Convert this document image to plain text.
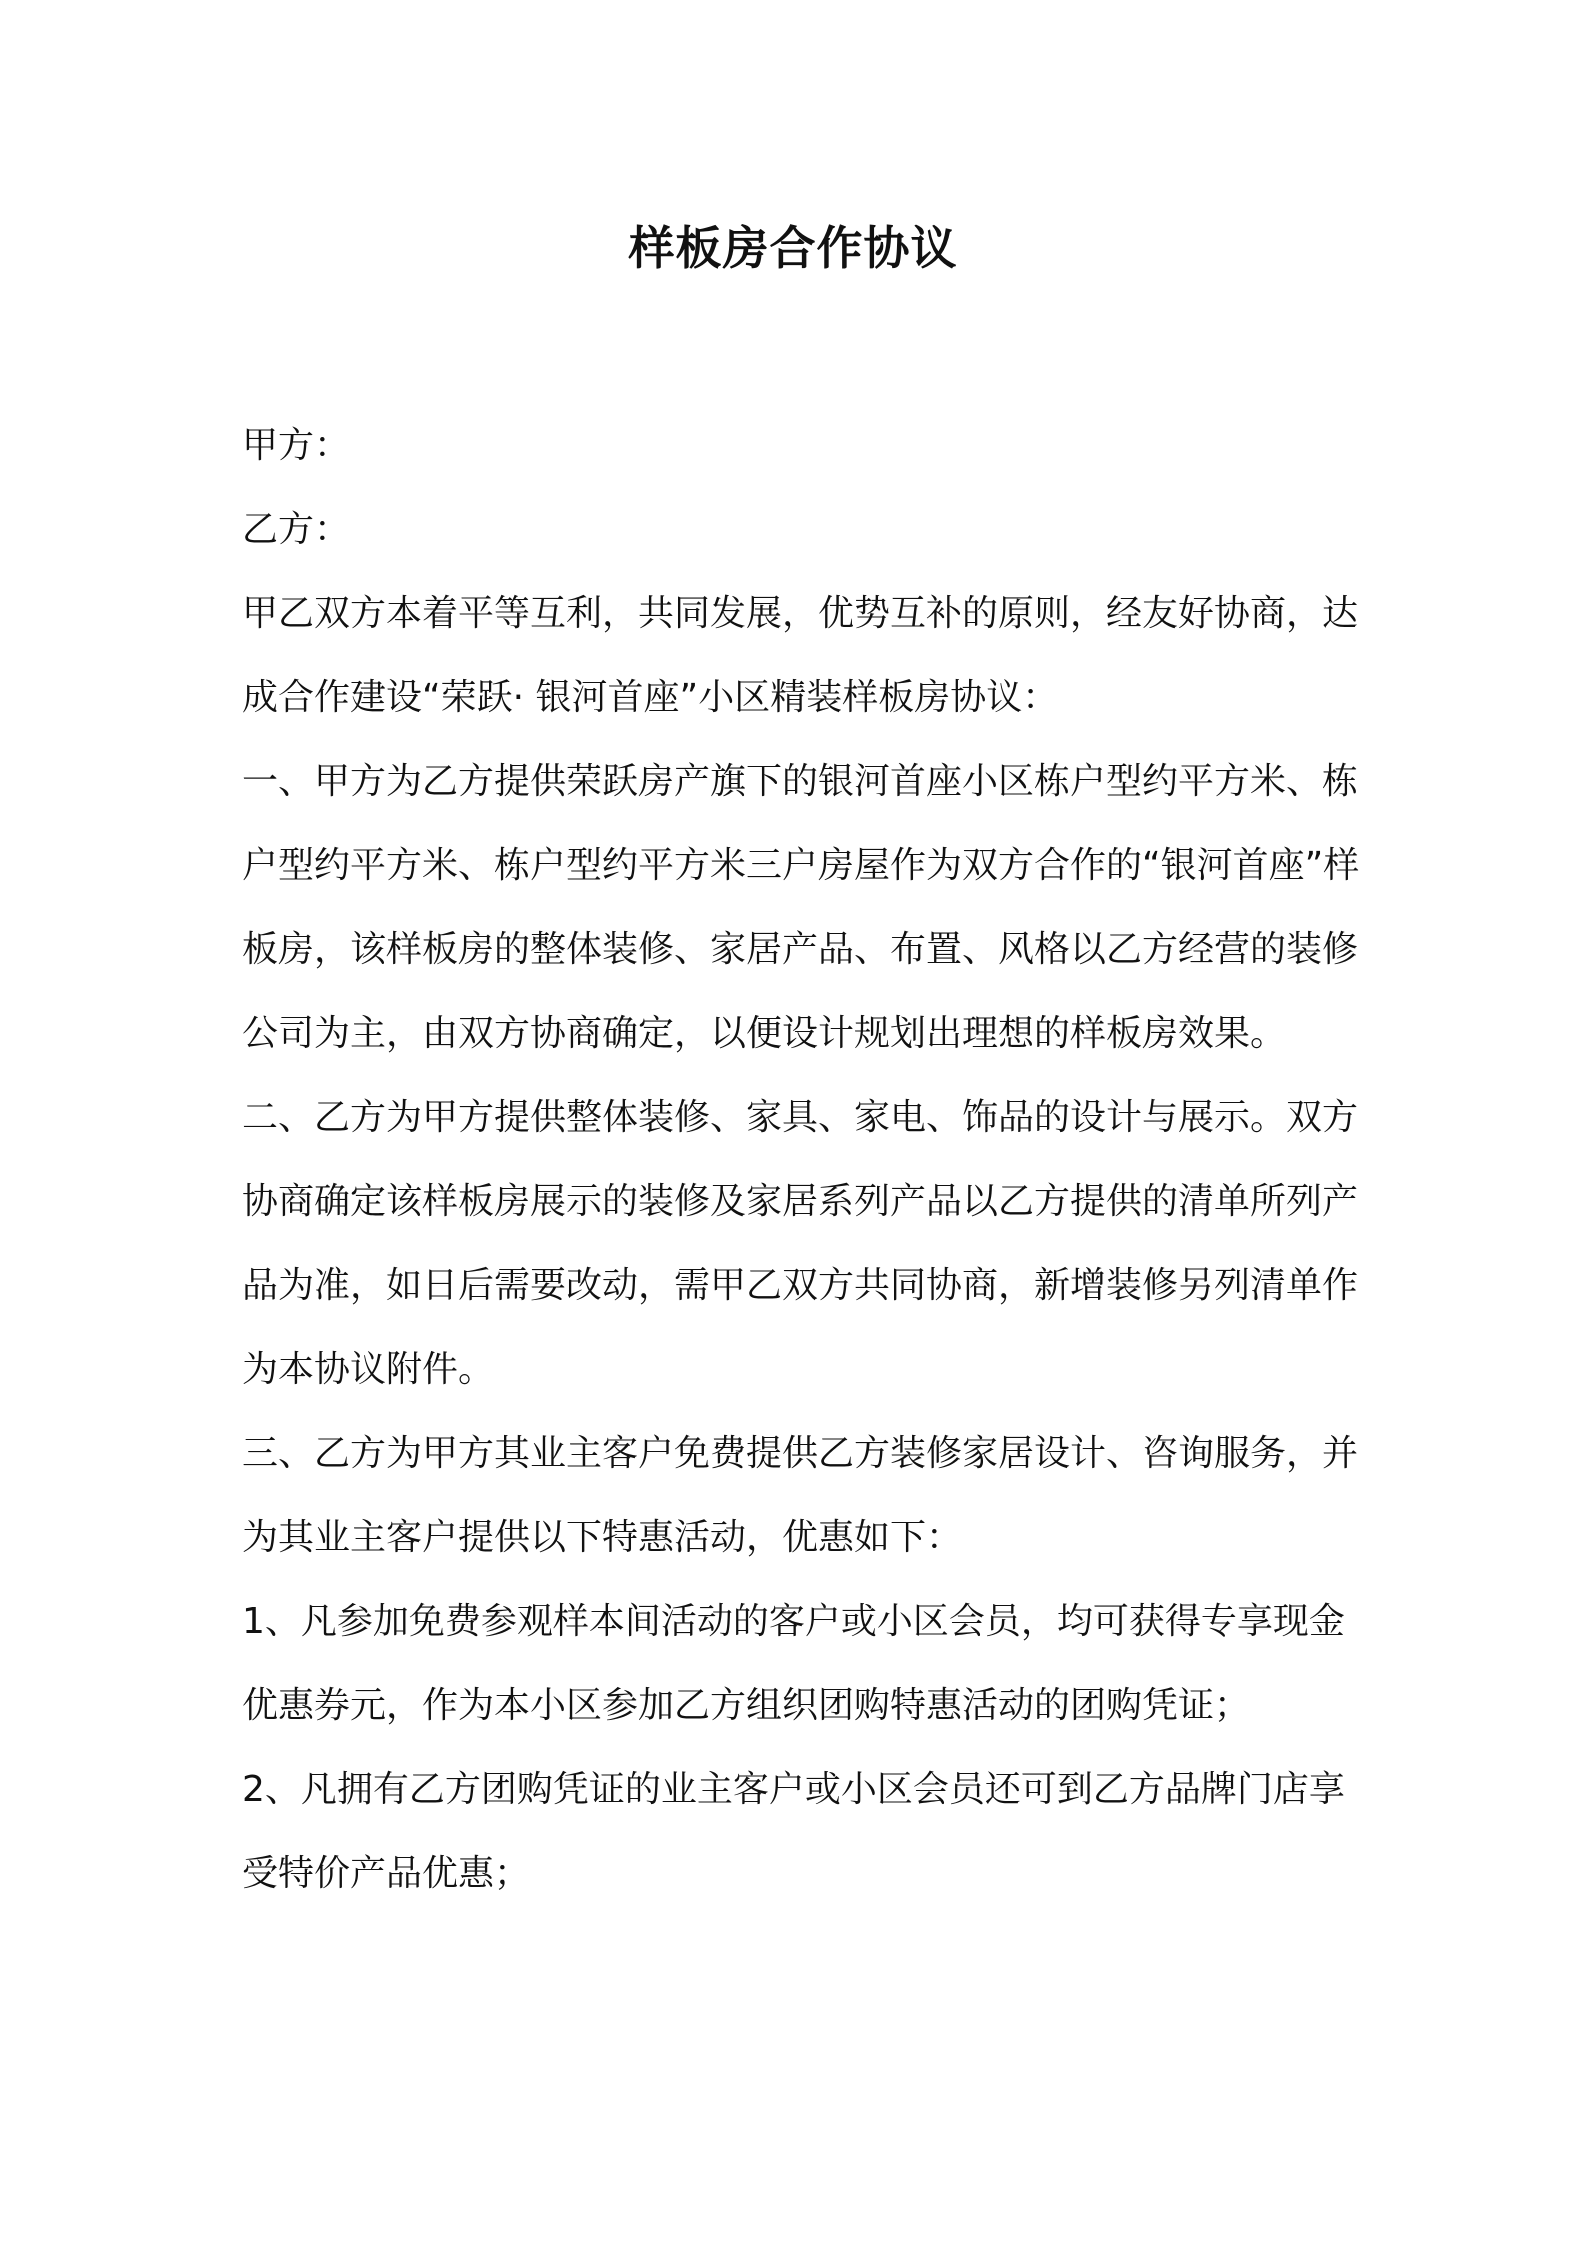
样板房合作协议

甲方：

乙方：

甲乙双方本着平等互利，共同发展，优势互补的原则，经友好协商，达成合作建设“荣跃· 银河首座”小区精装样板房协议：

一、甲方为乙方提供荣跃房产旗下的银河首座小区栋户型约平方米、栋户型约平方米、栋户型约平方米三户房屋作为双方合作的“银河首座”样板房，该样板房的整体装修、家居产品、布置、风格以乙方经营的装修公司为主，由双方协商确定，以便设计规划出理想的样板房效果。

二、乙方为甲方提供整体装修、家具、家电、饰品的设计与展示。双方协商确定该样板房展示的装修及家居系列产品以乙方提供的清单所列产品为准，如日后需要改动，需甲乙双方共同协商，新增装修另列清单作为本协议附件。

三、乙方为甲方其业主客户免费提供乙方装修家居设计、咨询服务，并为其业主客户提供以下特惠活动，优惠如下：

1、凡参加免费参观样本间活动的客户或小区会员，均可获得专享现金优惠券元，作为本小区参加乙方组织团购特惠活动的团购凭证；

2、凡拥有乙方团购凭证的业主客户或小区会员还可到乙方品牌门店享受特价产品优惠；
